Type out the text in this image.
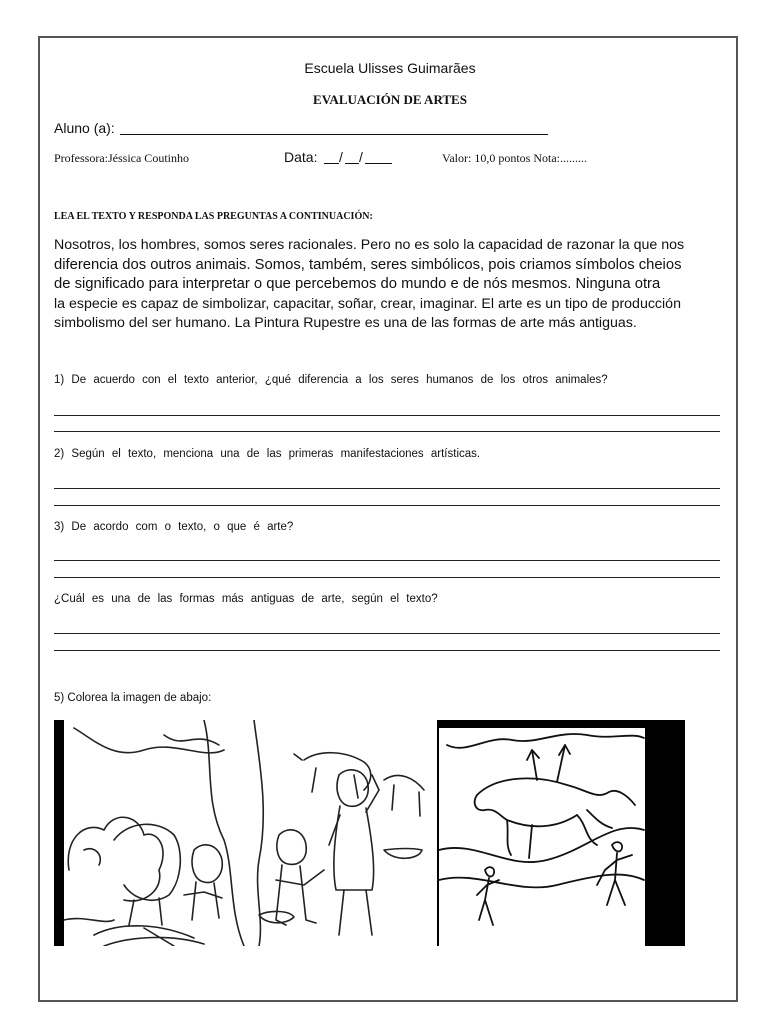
Escuela Ulisses Guimarães
EVALUACIÓN DE ARTES
Aluno (a):
Professora:Jéssica Coutinho	Data: / /	Valor: 10,0 pontos Nota:.........
LEA EL TEXTO Y RESPONDA LAS PREGUNTAS A CONTINUACIÓN:
Nosotros, los hombres, somos seres racionales. Pero no es solo la capacidad de razonar la que nos
diferencia dos outros animais. Somos, também, seres simbólicos, pois criamos símbolos cheios
de significado para interpretar o que percebemos do mundo e de nós mesmos. Ninguna otra
la especie es capaz de simbolizar, capacitar, soñar, crear, imaginar. El arte es un tipo de producción
simbolismo del ser humano. La Pintura Rupestre es una de las formas de arte más antiguas.
1) De acuerdo con el texto anterior, ¿qué diferencia a los seres humanos de los otros animales?
2) Según el texto, menciona una de las primeras manifestaciones artísticas.
3) De acordo com o texto, o que é arte?
¿Cuál es una de las formas más antiguas de arte, según el texto?
5) Colorea la imagen de abajo:
